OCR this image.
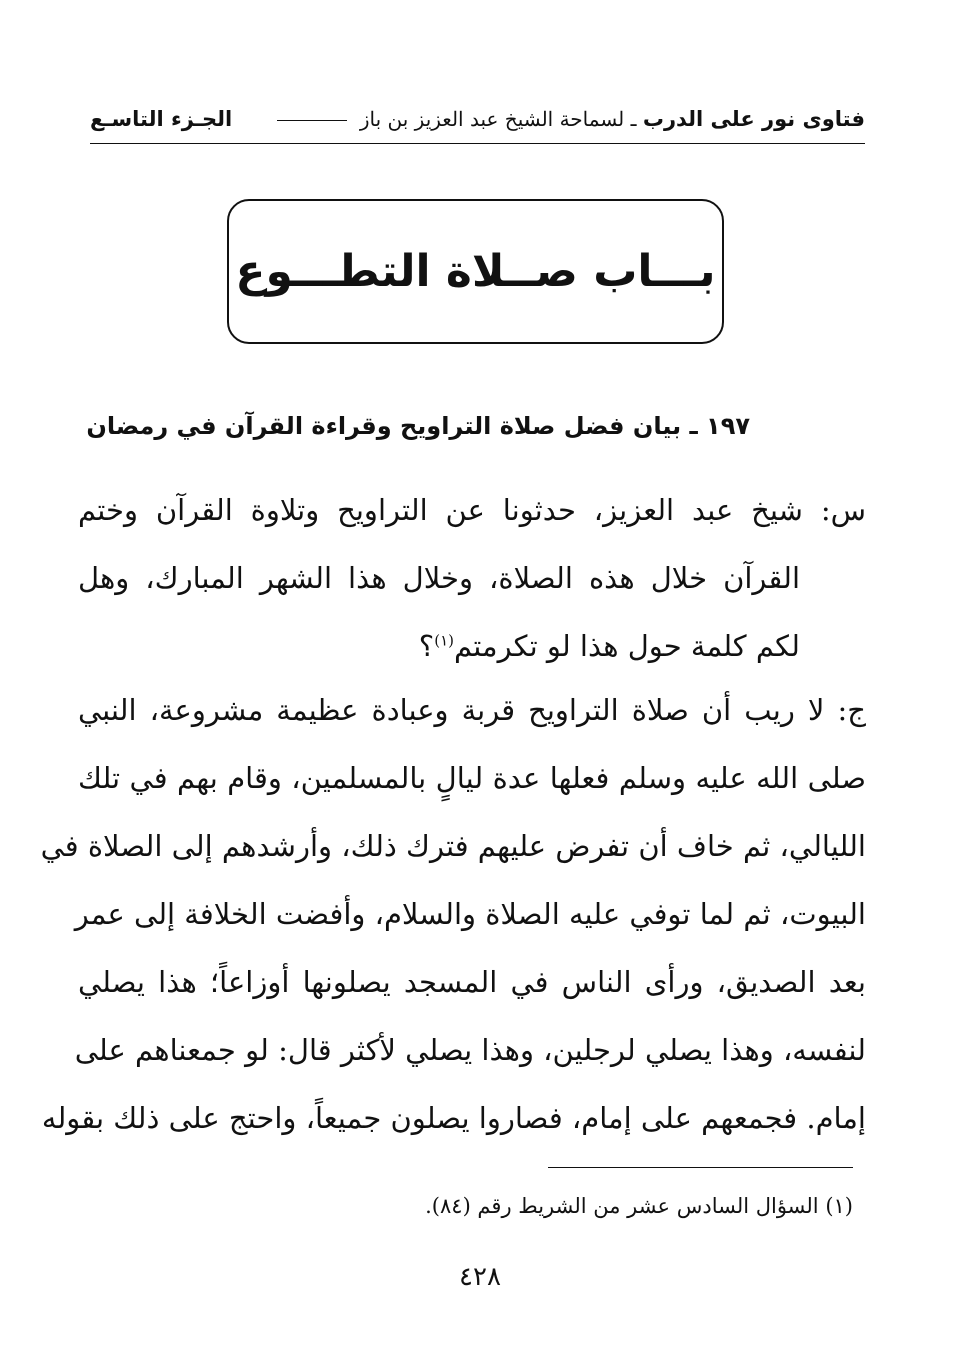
فتاوى نور على الدرب ـ لسماحة الشيخ عبد العزيز بن باز
الجـزء التاسـع
بـــاب صــلاة التطـــوع
١٩٧ ـ بيان فضل صلاة التراويح وقراءة القرآن في رمضان
س: شيخ عبد العزيز، حدثونا عن التراويح وتلاوة القرآن وختم
القرآن خلال هذه الصلاة، وخلال هذا الشهر المبارك، وهل
لكم كلمة حول هذا لو تكرمتم$^{(١)}$؟
ج: لا ريب أن صلاة التراويح قربة وعبادة عظيمة مشروعة، النبي
صلى الله عليه وسلم فعلها عدة ليالٍ بالمسلمين، وقام بهم في تلك
الليالي، ثم خاف أن تفرض عليهم فترك ذلك، وأرشدهم إلى الصلاة في
البيوت، ثم لما توفي عليه الصلاة والسلام، وأفضت الخلافة إلى عمر
بعد الصديق، ورأى الناس في المسجد يصلونها أوزاعاً؛ هذا يصلي
لنفسه، وهذا يصلي لرجلين، وهذا يصلي لأكثر قال: لو جمعناهم على
إمام. فجمعهم على إمام، فصاروا يصلون جميعاً، واحتج على ذلك بقوله
(١) السؤال السادس عشر من الشريط رقم (٨٤).
٤٢٨
